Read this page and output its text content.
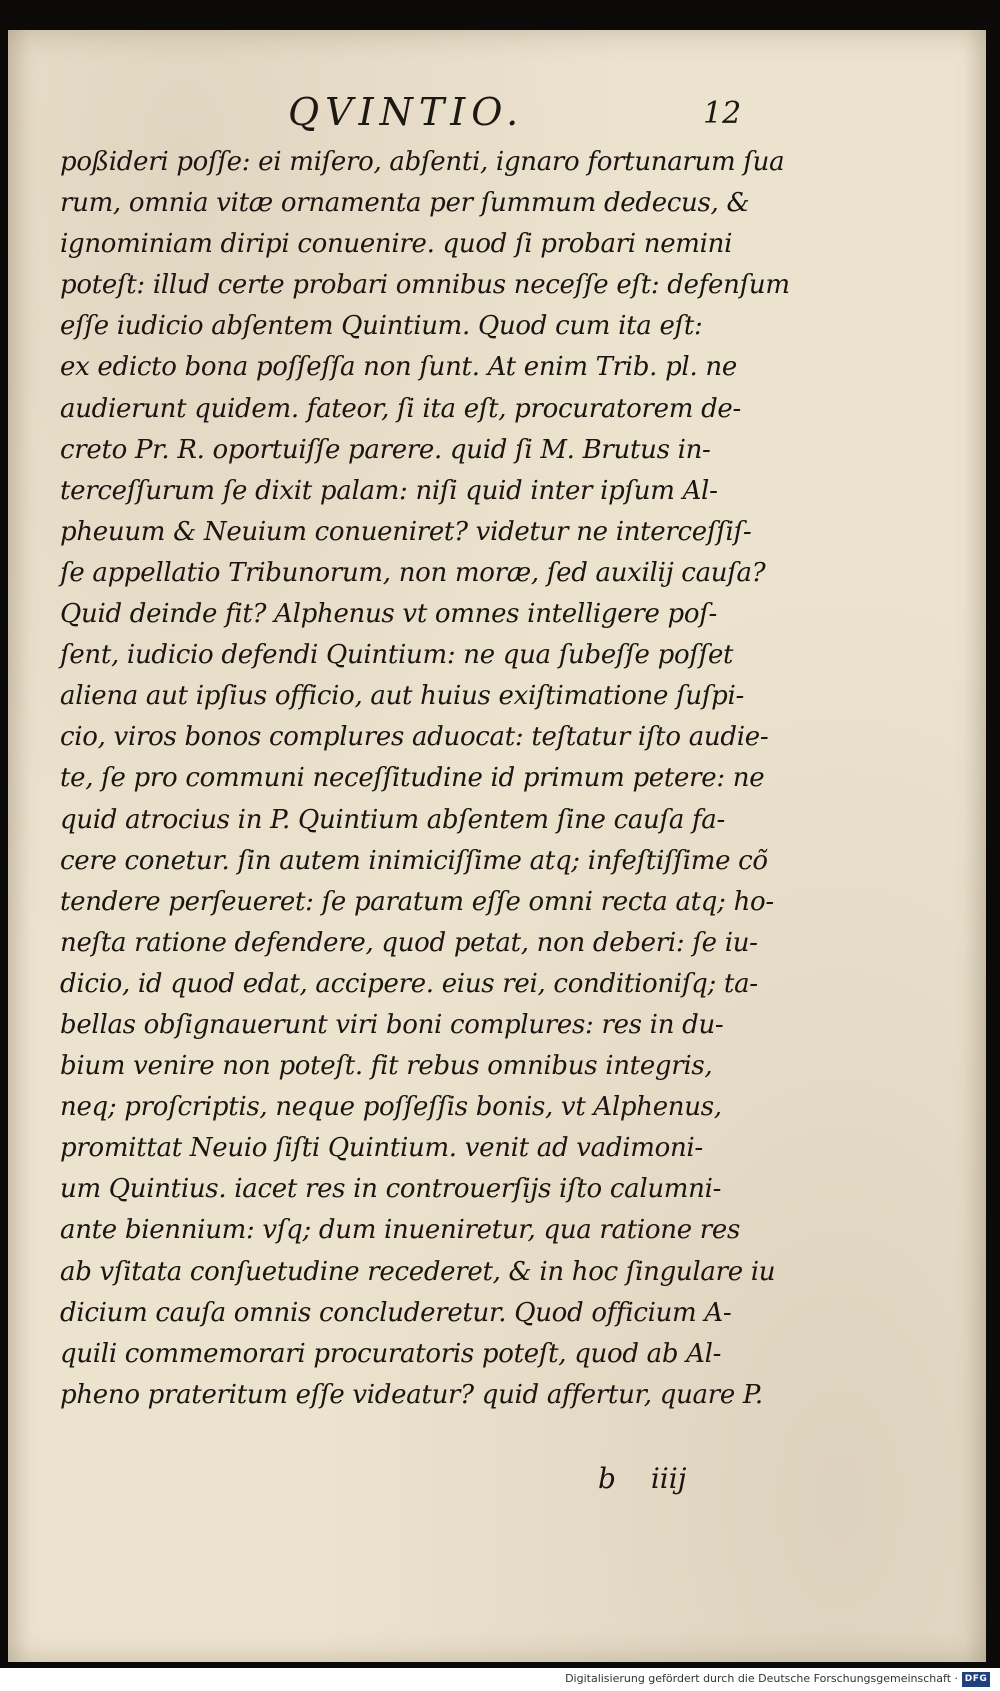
QVINTIO.	12
poßideri poſſe: ei miſero, abſenti, ignaro fortunarum ſua
rum, omnia vitæ ornamenta per ſummum dedecus, &
ignominiam diripi conuenire. quod ſi probari nemini
poteſt: illud certe probari omnibus neceſſe eſt: defenſum
eſſe iudicio abſentem Quintium. Quod cum ita eſt:
ex edicto bona poſſeſſa non ſunt. At enim Trib. pl. ne
audierunt quidem. fateor, ſi ita eſt, procuratorem de-
creto Pr. R. oportuiſſe parere. quid ſi M. Brutus in-
terceſſurum ſe dixit palam: niſi quid inter ipſum Al-
pheuum & Neuium conueniret? videtur ne interceſſiſ-
ſe appellatio Tribunorum, non moræ, ſed auxilij cauſa?
Quid deinde fit? Alphenus vt omnes intelligere poſ-
ſent, iudicio defendi Quintium: ne qua ſubeſſe poſſet
aliena aut ipſius officio, aut huius exiſtimatione ſuſpi-
cio, viros bonos complures aduocat: teſtatur iſto audie-
te, ſe pro communi neceſſitudine id primum petere: ne
quid atrocius in P. Quintium abſentem ſine cauſa fa-
cere conetur. ſin autem inimiciſſime atq; infeſtiſſime cõ
tendere perſeueret: ſe paratum eſſe omni recta atq; ho-
neſta ratione defendere, quod petat, non deberi: ſe iu-
dicio, id quod edat, accipere. eius rei, conditioniſq; ta-
bellas obſignauerunt viri boni complures: res in du-
bium venire non poteſt. fit rebus omnibus integris,
neq; proſcriptis, neque poſſeſſis bonis, vt Alphenus,
promittat Neuio ſiſti Quintium. venit ad vadimoni-
um Quintius. iacet res in controuerſijs iſto calumni-
ante biennium: vſq; dum inueniretur, qua ratione res
ab vſitata conſuetudine recederet, & in hoc ſingulare iu
dicium cauſa omnis concluderetur. Quod officium A-
quili commemorari procuratoris poteſt, quod ab Al-
pheno prateritum eſſe videatur? quid affertur, quare P.
b iiij
Digitalisierung gefördert durch die Deutsche Forschungsgemeinschaft · DFG
